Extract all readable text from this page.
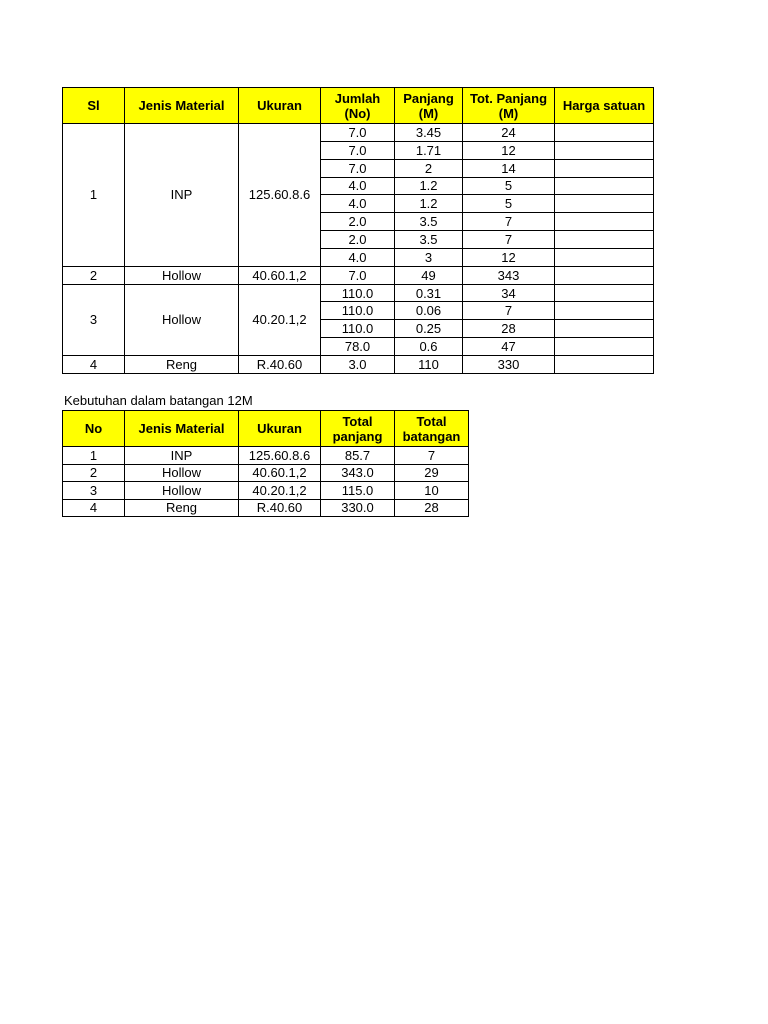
Sl	Jenis Material	Ukuran	Jumlah (No)	Panjang (M)	Tot. Panjang (M)	Harga satuan
1	INP	125.60.8.6	7.0	3.45	24	
			7.0	1.71	12	
			7.0	2	14	
			4.0	1.2	5	
			4.0	1.2	5	
			2.0	3.5	7	
			2.0	3.5	7	
			4.0	3	12	
2	Hollow	40.60.1,2	7.0	49	343	
3	Hollow	40.20.1,2	110.0	0.31	34	
			110.0	0.06	7	
			110.0	0.25	28	
			78.0	0.6	47	
4	Reng	R.40.60	3.0	110	330	
Kebutuhan dalam batangan 12M
No	Jenis Material	Ukuran	Total panjang	Total batangan
1	INP	125.60.8.6	85.7	7
2	Hollow	40.60.1,2	343.0	29
3	Hollow	40.20.1,2	115.0	10
4	Reng	R.40.60	330.0	28
